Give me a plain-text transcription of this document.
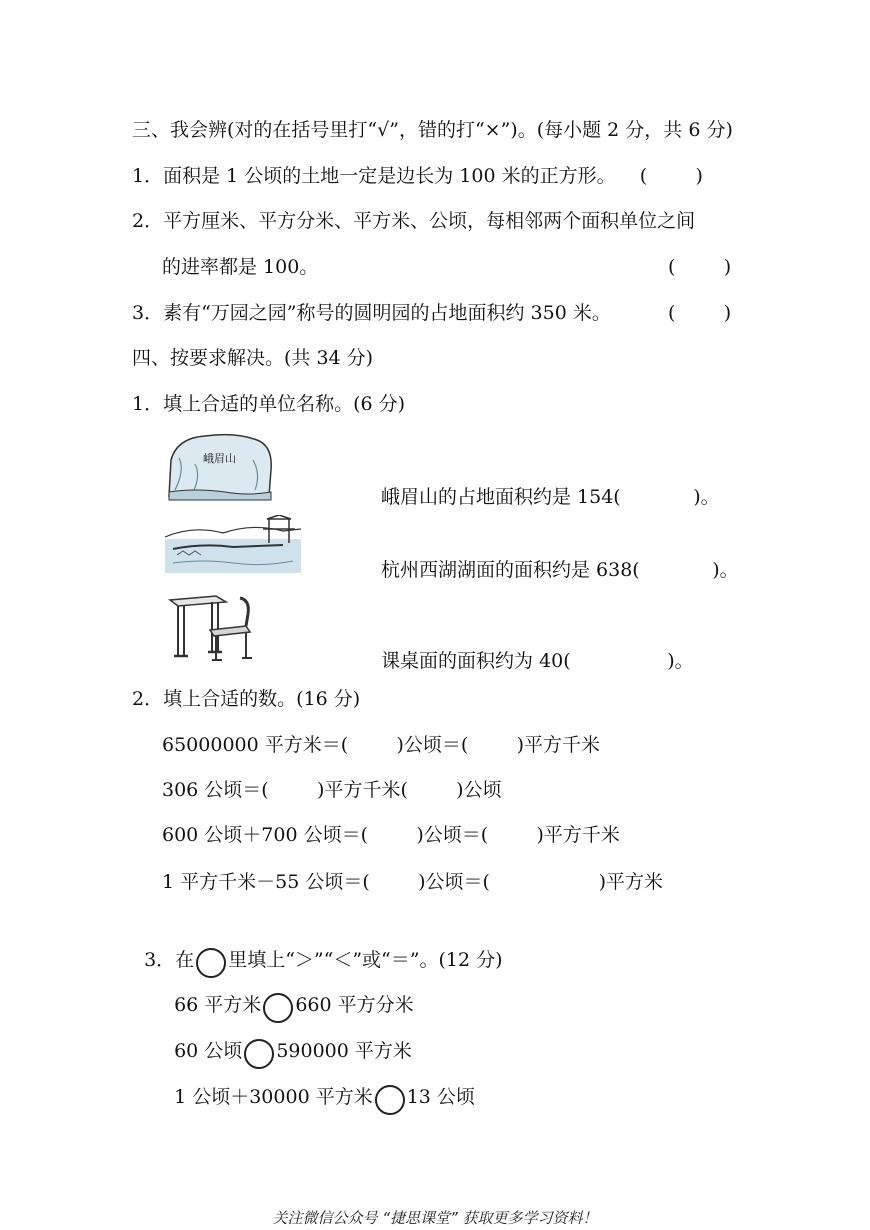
三、我会辨(对的在括号里打“√”，错的打“×”)。(每小题 2 分，共 6 分)
1．面积是 1 公顷的土地一定是边长为 100 米的正方形。    (        )
2．平方厘米、平方分米、平方米、公顷，每相邻两个面积单位之间
的进率都是 100。	(        )
3．素有“万园之园”称号的圆明园的占地面积约 350 米。	(        )
四、按要求解决。(共 34 分)
1．填上合适的单位名称。(6 分)
峨眉山
峨眉山的占地面积约是 154(            )。
杭州西湖湖面的面积约是 638(            )。
课桌面的面积约为 40(                )。
2．填上合适的数。(16 分)
65000000 平方米＝(        )公顷＝(        )平方千米
306 公顷＝(        )平方千米(        )公顷
600 公顷＋700 公顷＝(        )公顷＝(        )平方千米
1 平方千米－55 公顷＝(        )公顷＝(                  )平方米

3．在 里填上“＞”“＜”或“＝”。(12 分)

66 平方米 660 平方分米

60 公顷 590000 平方米

1 公顷＋30000 平方米 13 公顷

关注微信公众号 “捷思课堂” 获取更多学习资料！
